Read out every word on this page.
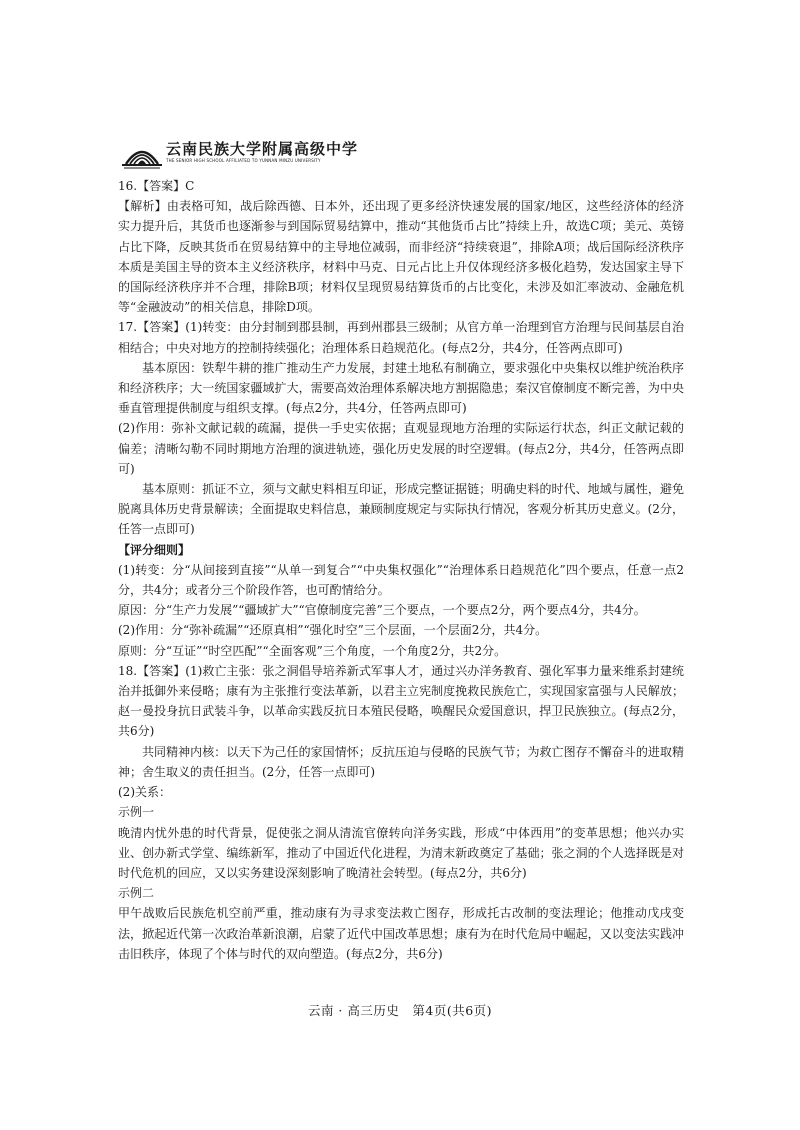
云南民族大学附属高级中学
THE SENIOR HIGH SCHOOL AFFILIATED TO YUNNAN MINZU UNIVERSITY

16.【答案】C

【解析】由表格可知，战后除西德、日本外，还出现了更多经济快速发展的国家/地区，这些经济体的经济实力提升后，其货币也逐渐参与到国际贸易结算中，推动“其他货币占比”持续上升，故选C项；美元、英镑占比下降，反映其货币在贸易结算中的主导地位减弱，而非经济“持续衰退”，排除A项；战后国际经济秩序本质是美国主导的资本主义经济秩序，材料中马克、日元占比上升仅体现经济多极化趋势，发达国家主导下的国际经济秩序并不合理，排除B项；材料仅呈现贸易结算货币的占比变化，未涉及如汇率波动、金融危机等“金融波动”的相关信息，排除D项。

17.【答案】(1)转变：由分封制到郡县制，再到州郡县三级制；从官方单一治理到官方治理与民间基层自治相结合；中央对地方的控制持续强化；治理体系日趋规范化。(每点2分，共4分，任答两点即可)

基本原因：铁犁牛耕的推广推动生产力发展，封建土地私有制确立，要求强化中央集权以维护统治秩序和经济秩序；大一统国家疆域扩大，需要高效治理体系解决地方割据隐患；秦汉官僚制度不断完善，为中央垂直管理提供制度与组织支撑。(每点2分，共4分，任答两点即可)

(2)作用：弥补文献记载的疏漏，提供一手史实依据；直观显现地方治理的实际运行状态，纠正文献记载的偏差；清晰勾勒不同时期地方治理的演进轨迹，强化历史发展的时空逻辑。(每点2分，共4分，任答两点即可)

基本原则：抓证不立，须与文献史料相互印证，形成完整证据链；明确史料的时代、地域与属性，避免脱离具体历史背景解读；全面提取史料信息，兼顾制度规定与实际执行情况，客观分析其历史意义。(2分，任答一点即可)

【评分细则】

(1)转变：分“从间接到直接”“从单一到复合”“中央集权强化”“治理体系日趋规范化”四个要点，任意一点2分，共4分；或者分三个阶段作答，也可酌情给分。

原因：分“生产力发展”“疆域扩大”“官僚制度完善”三个要点，一个要点2分，两个要点4分，共4分。

(2)作用：分“弥补疏漏”“还原真相”“强化时空”三个层面，一个层面2分，共4分。

原则：分“互证”“时空匹配”“全面客观”三个角度，一个角度2分，共2分。

18.【答案】(1)救亡主张：张之洞倡导培养新式军事人才，通过兴办洋务教育、强化军事力量来维系封建统治并抵御外来侵略；康有为主张推行变法革新，以君主立宪制度挽救民族危亡，实现国家富强与人民解放；赵一曼投身抗日武装斗争，以革命实践反抗日本殖民侵略，唤醒民众爱国意识，捍卫民族独立。(每点2分，共6分)

共同精神内核：以天下为己任的家国情怀；反抗压迫与侵略的民族气节；为救亡图存不懈奋斗的进取精神；舍生取义的责任担当。(2分，任答一点即可)

(2)关系：

示例一

晚清内忧外患的时代背景，促使张之洞从清流官僚转向洋务实践，形成“中体西用”的变革思想；他兴办实业、创办新式学堂、编练新军，推动了中国近代化进程，为清末新政奠定了基础；张之洞的个人选择既是对时代危机的回应，又以实务建设深刻影响了晚清社会转型。(每点2分，共6分)

示例二

甲午战败后民族危机空前严重，推动康有为寻求变法救亡图存，形成托古改制的变法理论；他推动戊戌变法，掀起近代第一次政治革新浪潮，启蒙了近代中国改革思想；康有为在时代危局中崛起，又以变法实践冲击旧秩序，体现了个体与时代的双向塑造。(每点2分，共6分)

云南 · 高三历史　第4页(共6页)
